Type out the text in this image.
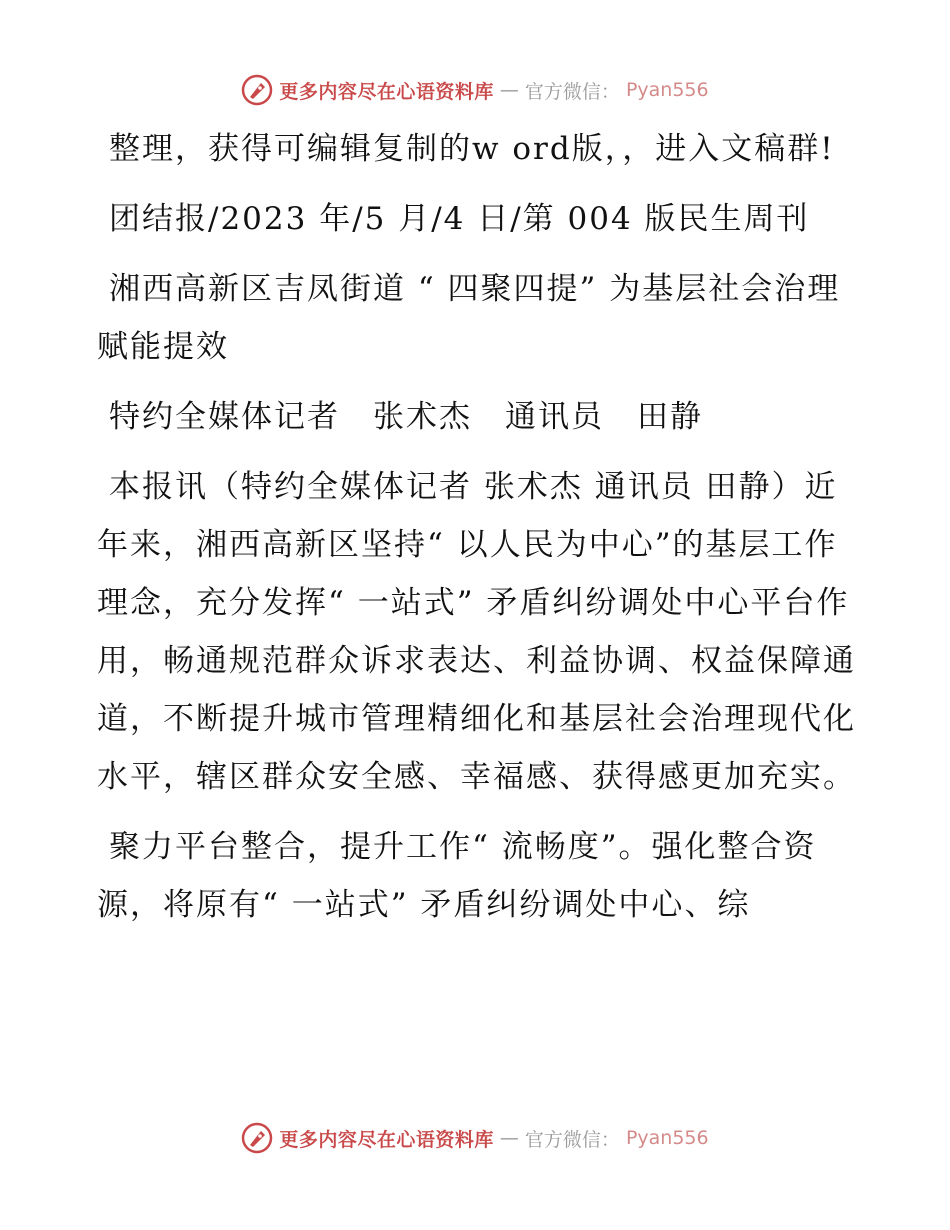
更多内容尽在心语资料库 — 官方微信： Pyan556

整理，获得可编辑复制的w ord版，，进入文稿群!

团结报/2023 年/5 月/4 日/第 004 版民生周刊

湘西高新区吉凤街道 “ 四聚四提” 为基层社会治理赋能提效

特约全媒体记者　张术杰　通讯员　田静

本报讯（特约全媒体记者 张术杰 通讯员 田静）近年来，湘西高新区坚持“ 以人民为中心”的基层工作理念，充分发挥“ 一站式” 矛盾纠纷调处中心平台作用，畅通规范群众诉求表达、利益协调、权益保障通道，不断提升城市管理精细化和基层社会治理现代化水平，辖区群众安全感、幸福感、获得感更加充实。

聚力平台整合，提升工作“ 流畅度”。强化整合资源，将原有“ 一站式” 矛盾纠纷调处中心、综

更多内容尽在心语资料库 — 官方微信： Pyan556
